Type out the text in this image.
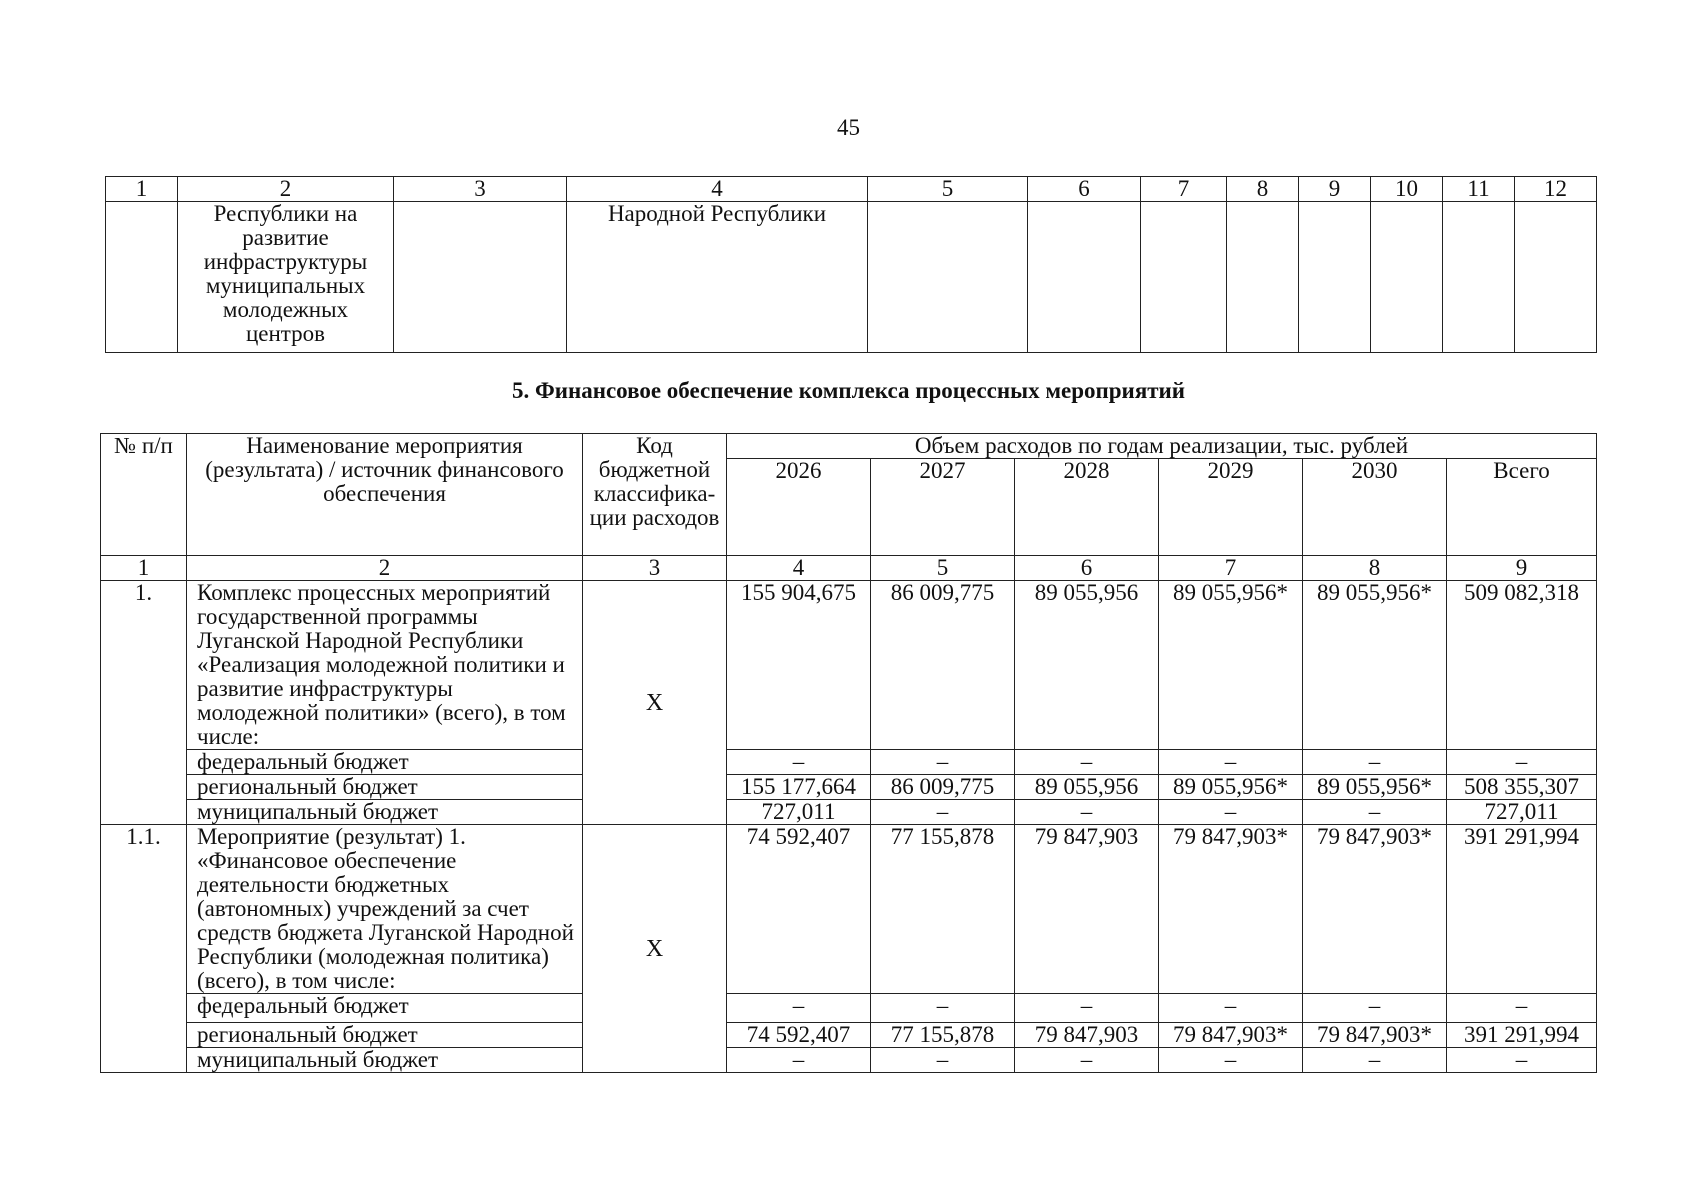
45
1	2	3	4	5	6	7	8	9	10	11	12
	Республики на развитие инфраструктуры муниципальных молодежных центров		Народной Республики								
5. Финансовое обеспечение комплекса процессных мероприятий
№ п/п	Наименование мероприятия (результата) / источник финансового обеспечения	Код бюджетной классифика-ции расходов	Объем расходов по годам реализации, тыс. рублей					
			2026	2027	2028	2029	2030	Всего
1	2	3	4	5	6	7	8	9
1.	Комплекс процессных мероприятий государственной программы Луганской Народной Республики «Реализация молодежной политики и развитие инфраструктуры молодежной политики» (всего), в том числе:	Х	155 904,675	86 009,775	89 055,956	89 055,956*	89 055,956*	509 082,318
	федеральный бюджет		–	–	–	–	–	–
	региональный бюджет		155 177,664	86 009,775	89 055,956	89 055,956*	89 055,956*	508 355,307
	муниципальный бюджет		727,011	–	–	–	–	727,011
1.1.	Мероприятие (результат) 1. «Финансовое обеспечение деятельности бюджетных (автономных) учреждений за счет средств бюджета Луганской Народной Республики (молодежная политика) (всего), в том числе:	Х	74 592,407	77 155,878	79 847,903	79 847,903*	79 847,903*	391 291,994
	федеральный бюджет		–	–	–	–	–	–
	региональный бюджет		74 592,407	77 155,878	79 847,903	79 847,903*	79 847,903*	391 291,994
	муниципальный бюджет		–	–	–	–	–	–
